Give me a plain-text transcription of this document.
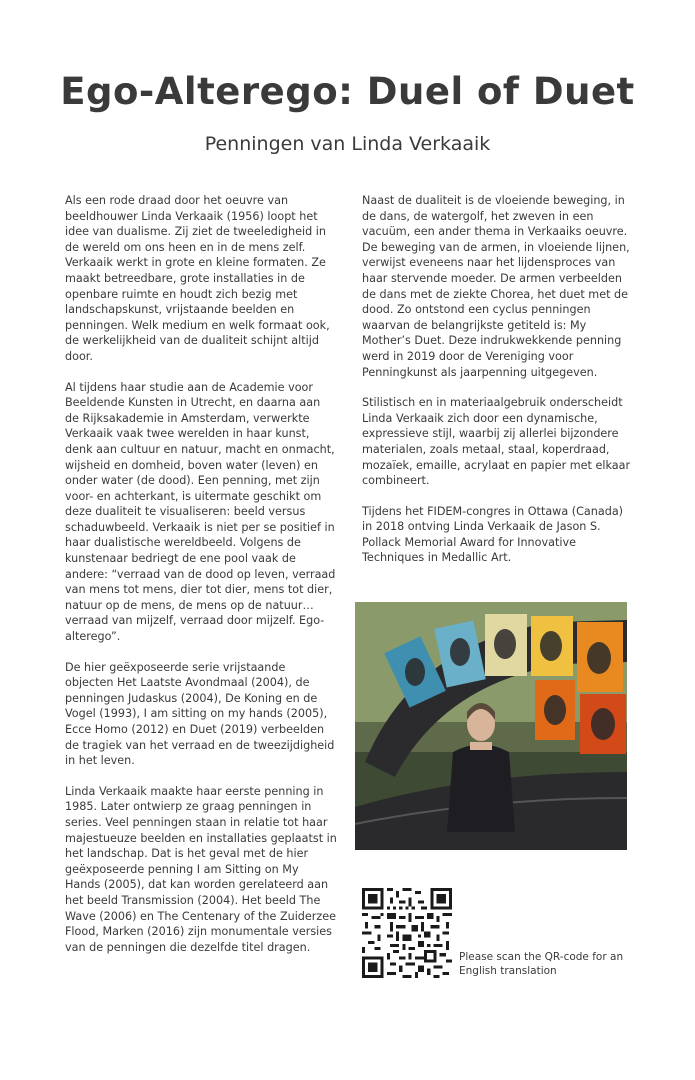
Ego-Alterego: Duel of Duet
Penningen van Linda Verkaaik

Als een rode draad door het oeuvre van beeldhouwer Linda Verkaaik (1956) loopt het idee van dualisme. Zij ziet de tweeledigheid in de wereld om ons heen en in de mens zelf. Verkaaik werkt in grote en kleine formaten. Ze maakt betreedbare, grote installaties in de openbare ruimte en houdt zich bezig met landschapskunst, vrijstaande beelden en penningen. Welk medium en welk formaat ook, de werkelijkheid van de dualiteit schijnt altijd door.

Al tijdens haar studie aan de Academie voor Beeldende Kunsten in Utrecht, en daarna aan de Rijksakademie in Amsterdam, verwerkte Verkaaik vaak twee werelden in haar kunst, denk aan cultuur en natuur, macht en onmacht, wijsheid en domheid, boven water (leven) en onder water (de dood). Een penning, met zijn voor- en achterkant, is uitermate geschikt om deze dualiteit te visualiseren: beeld versus schaduwbeeld. Verkaaik is niet per se positief in haar dualistische wereldbeeld. Volgens de kunstenaar bedriegt de ene pool vaak de andere: “verraad van de dood op leven, verraad van mens tot mens, dier tot dier, mens tot dier, natuur op de mens, de mens op de natuur… verraad van mijzelf, verraad door mijzelf. Ego-alterego”.

De hier geëxposeerde serie vrijstaande objecten Het Laatste Avondmaal (2004), de penningen Judaskus (2004), De Koning en de Vogel (1993), I am sitting on my hands (2005), Ecce Homo (2012) en Duet (2019) verbeelden de tragiek van het verraad en de tweezijdigheid in het leven.

Linda Verkaaik maakte haar eerste penning in 1985. Later ontwierp ze graag penningen in series. Veel penningen staan in relatie tot haar majestueuze beelden en installaties geplaatst in het landschap. Dat is het geval met de hier geëxposeerde penning I am Sitting on My Hands (2005), dat kan worden gerelateerd aan het beeld Transmission (2004). Het beeld The Wave (2006) en The Centenary of the Zuiderzee Flood, Marken (2016) zijn monumentale versies van de penningen die dezelfde titel dragen.

Naast de dualiteit is de vloeiende beweging, in de dans, de watergolf, het zweven in een vacuüm, een ander thema in Verkaaiks oeuvre. De beweging van de armen, in vloeiende lijnen, verwijst eveneens naar het lijdensproces van haar stervende moeder. De armen verbeelden de dans met de ziekte Chorea, het duet met de dood. Zo ontstond een cyclus penningen waarvan de belangrijkste getiteld is: My Mother’s Duet. Deze indrukwekkende penning werd in 2019 door de Vereniging voor Penningkunst als jaarpenning uitgegeven.

Stilistisch en in materiaalgebruik onderscheidt Linda Verkaaik zich door een dynamische, expressieve stijl, waarbij zij allerlei bijzondere materialen, zoals metaal, staal, koperdraad, mozaïek, emaille, acrylaat en papier met elkaar combineert.

Tijdens het FIDEM-congres in Ottawa (Canada) in 2018 ontving Linda Verkaaik de Jason S. Pollack Memorial Award for Innovative Techniques in Medallic Art.

Please scan the QR-code for an English translation
